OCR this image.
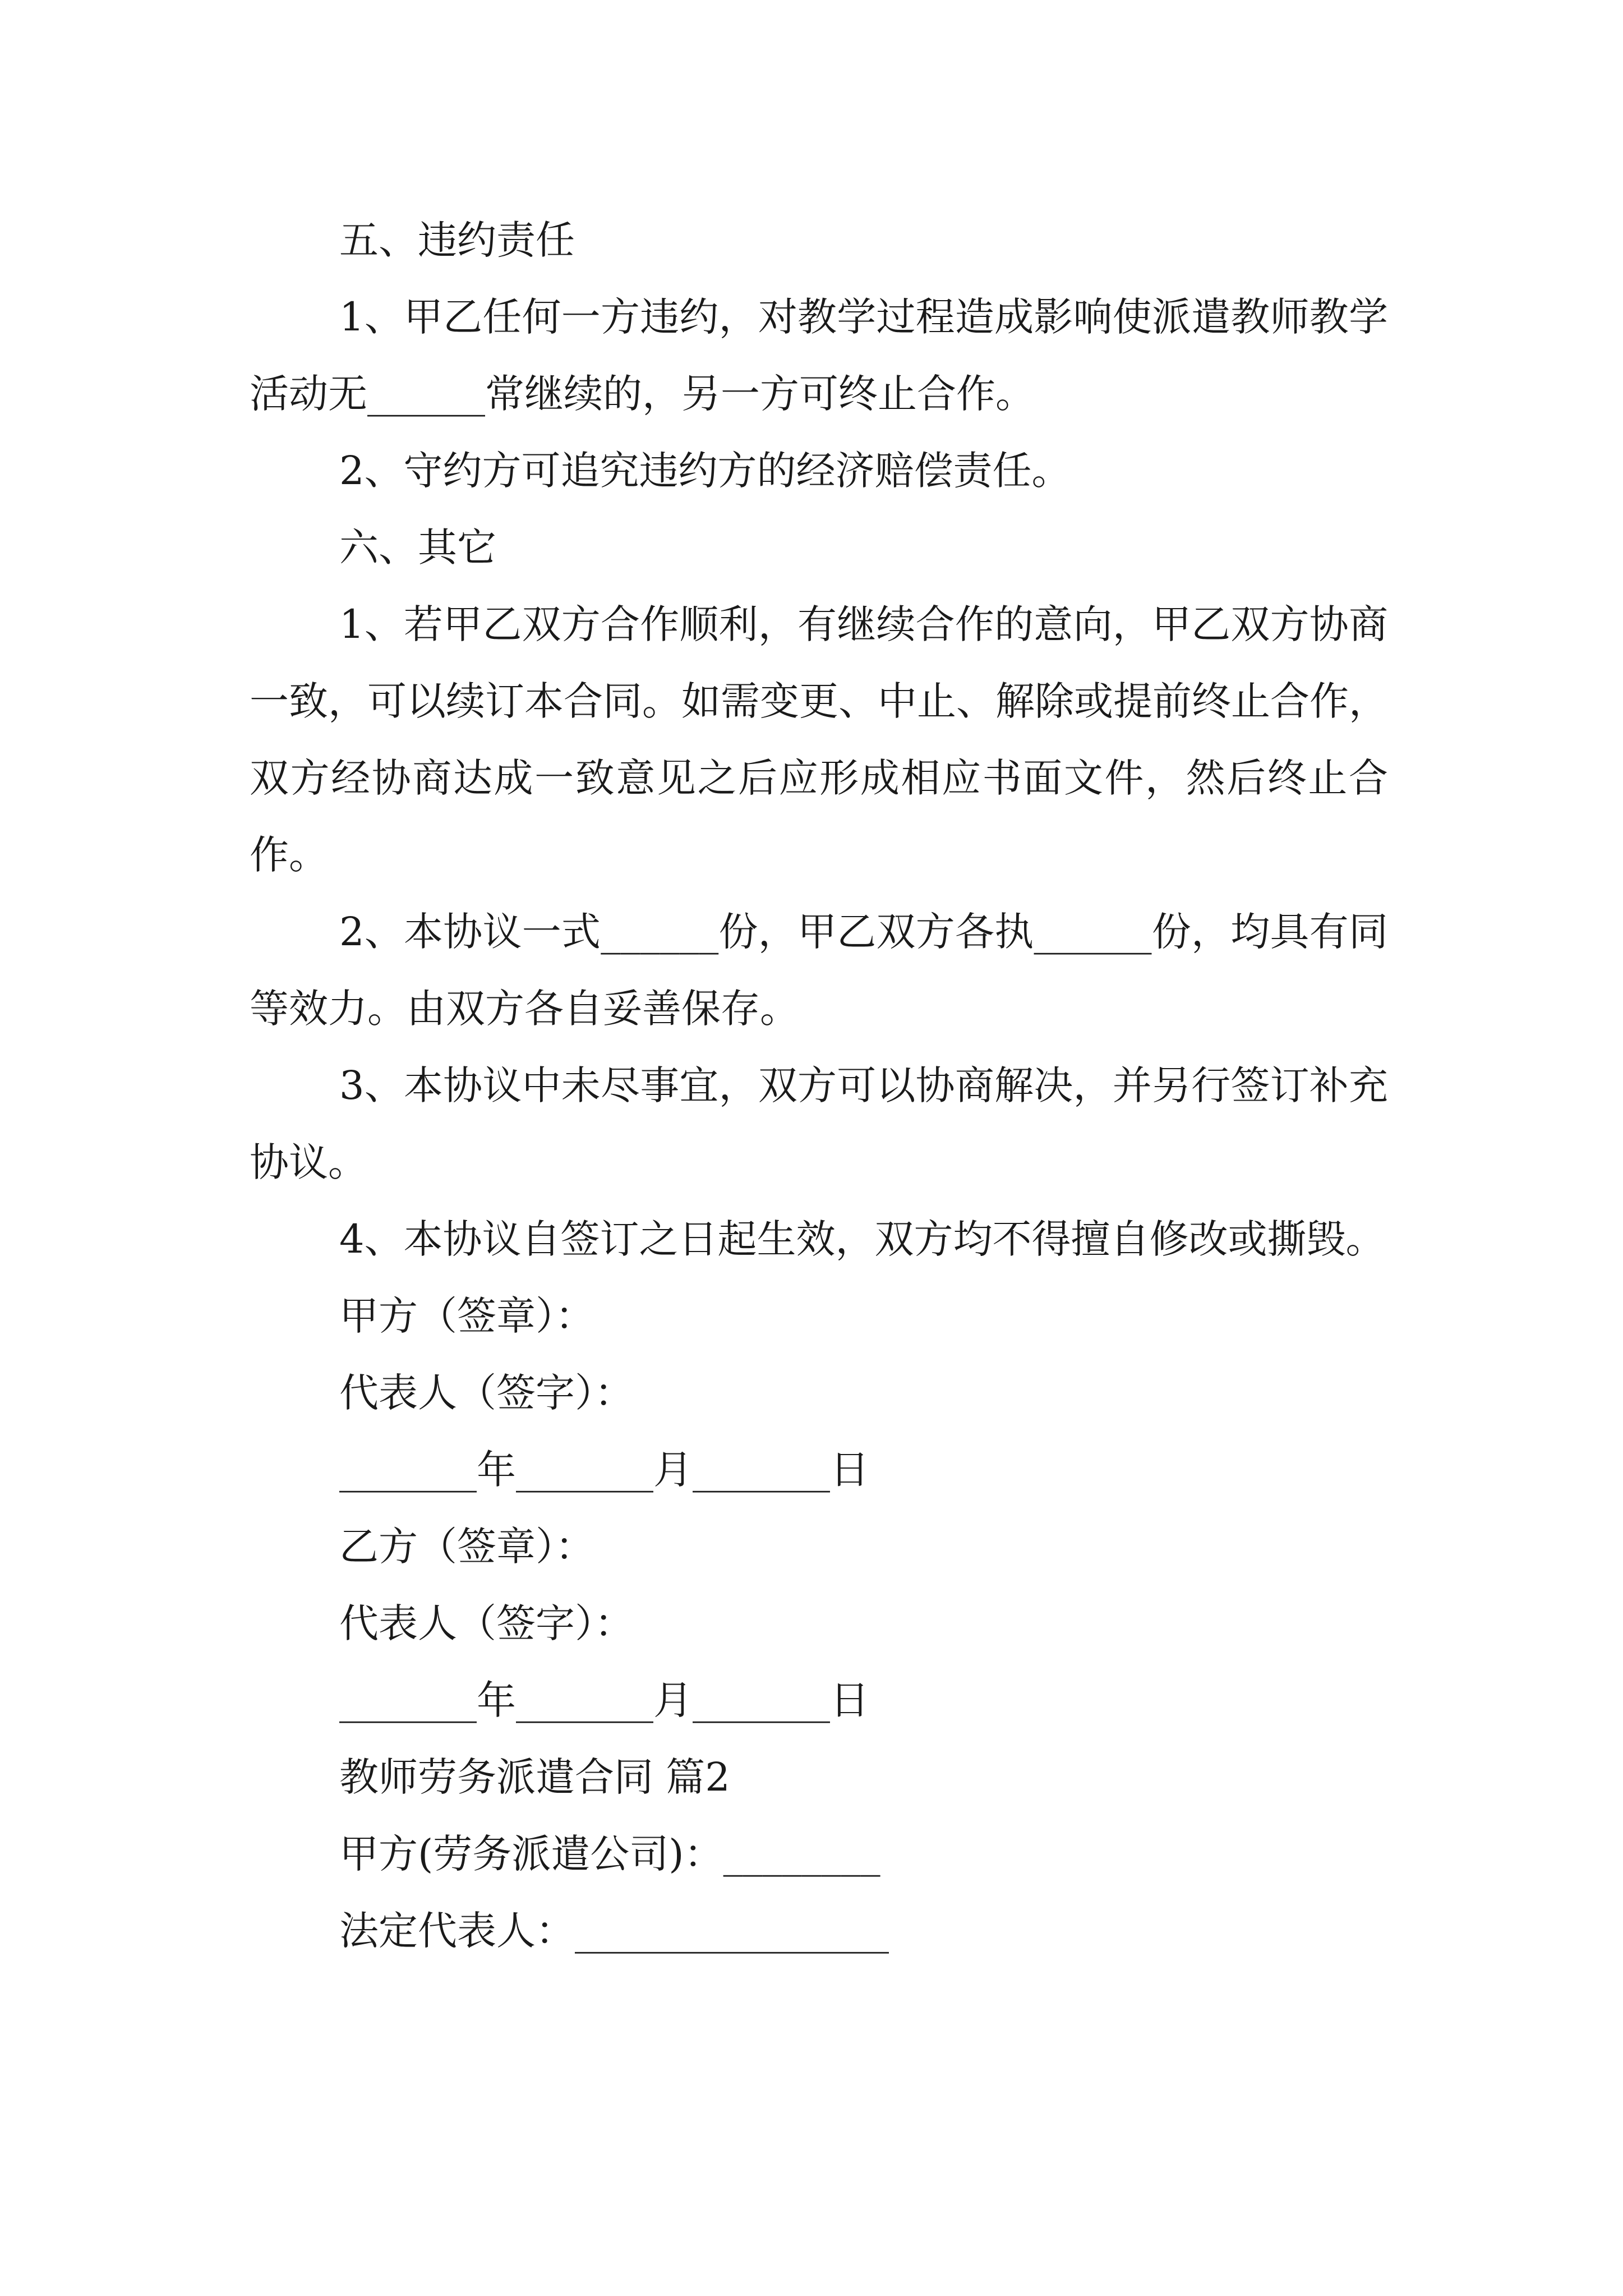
五、违约责任

1、甲乙任何一方违约，对教学过程造成影响使派遣教师教学活动无______常继续的，另一方可终止合作。

2、守约方可追究违约方的经济赔偿责任。

六、其它

1、若甲乙双方合作顺利，有继续合作的意向，甲乙双方协商一致，可以续订本合同。如需变更、中止、解除或提前终止合作，双方经协商达成一致意见之后应形成相应书面文件，然后终止合作。

2、本协议一式______份，甲乙双方各执______份，均具有同等效力。由双方各自妥善保存。

3、本协议中未尽事宜，双方可以协商解决，并另行签订补充协议。

4、本协议自签订之日起生效，双方均不得擅自修改或撕毁。

甲方（签章）：

代表人（签字）：

_______年_______月_______日

乙方（签章）：

代表人（签字）：

_______年_______月_______日

教师劳务派遣合同 篇2

甲方(劳务派遣公司)：________

法定代表人：________________
